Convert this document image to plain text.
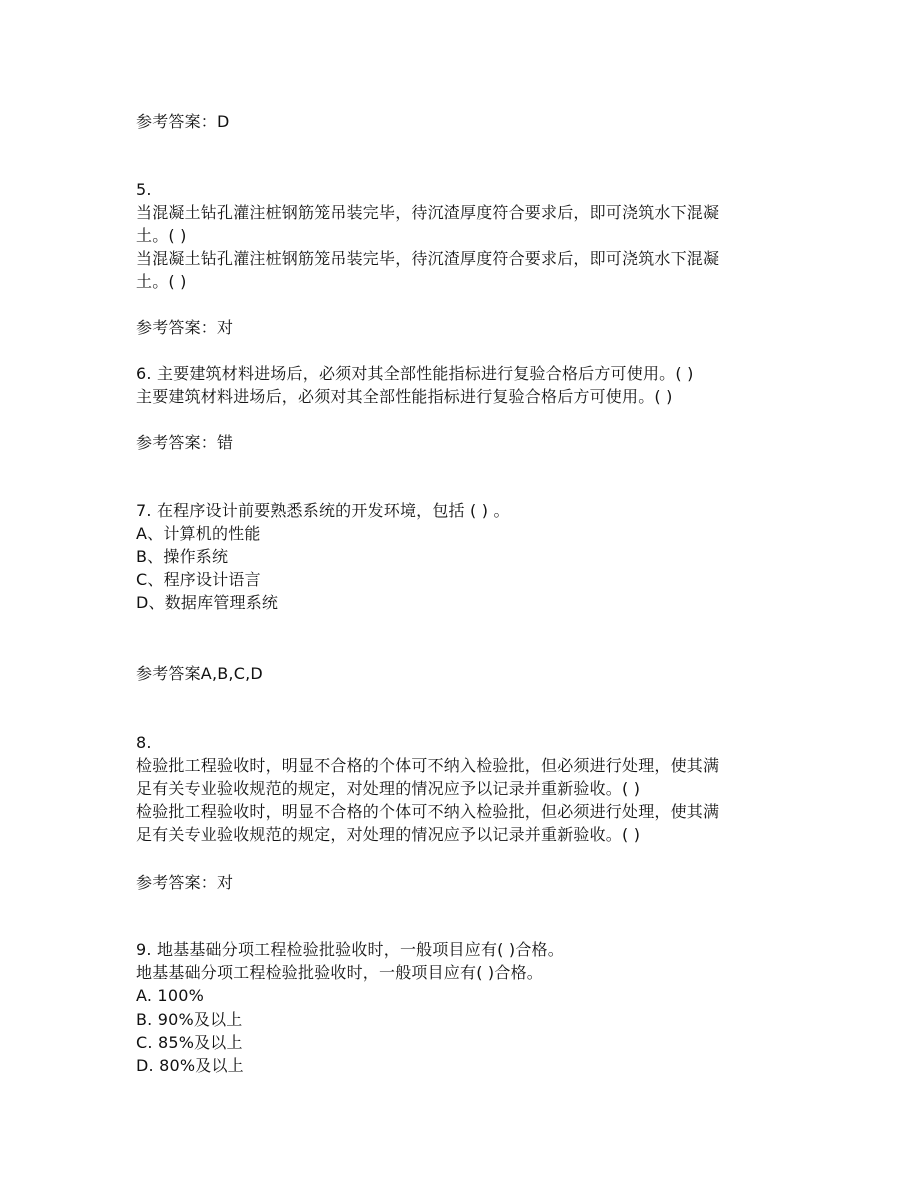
参考答案：D
5.
当混凝土钻孔灌注桩钢筋笼吊装完毕，待沉渣厚度符合要求后，即可浇筑水下混凝
土。( )
当混凝土钻孔灌注桩钢筋笼吊装完毕，待沉渣厚度符合要求后，即可浇筑水下混凝
土。( )
参考答案：对
6. 主要建筑材料进场后，必须对其全部性能指标进行复验合格后方可使用。( )
主要建筑材料进场后，必须对其全部性能指标进行复验合格后方可使用。( )
参考答案：错
7. 在程序设计前要熟悉系统的开发环境，包括 ( ) 。
A、计算机的性能
B、操作系统
C、程序设计语言
D、数据库管理系统
参考答案A,B,C,D
8.
检验批工程验收时，明显不合格的个体可不纳入检验批，但必须进行处理，使其满
足有关专业验收规范的规定，对处理的情况应予以记录并重新验收。( )
检验批工程验收时，明显不合格的个体可不纳入检验批，但必须进行处理，使其满
足有关专业验收规范的规定，对处理的情况应予以记录并重新验收。( )
参考答案：对
9. 地基基础分项工程检验批验收时，一般项目应有( )合格。
地基基础分项工程检验批验收时，一般项目应有( )合格。
A. 100%
B. 90%及以上
C. 85%及以上
D. 80%及以上
